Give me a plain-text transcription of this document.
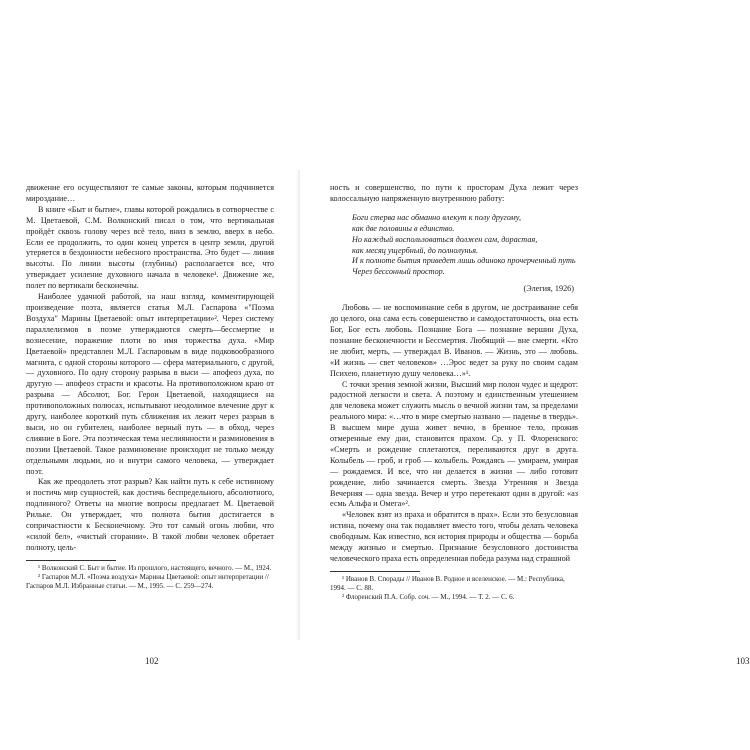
движение его осуществляют те самые законы, которым подчиняется мироздание…

В книге «Быт и бытие», главы которой рождались в сотворчестве с М. Цветаевой, С.М. Волконский писал о том, что вертикальная пройдёт сквозь голову через всё тело, вниз в землю, вверх в небо. Если ее продолжить, то один конец упрется в центр земли, другой утеряется в бездонности небесного пространства. Это будет — линия высоты. По линии высоты (глубины) располагается все, что утверждает усиление духовного начала в человеке¹. Движение же, полет по вертикали бесконечны.

Наиболее удачной работой, на наш взгляд, комментирующей произведение поэта, является статья М.Л. Гаспарова «"Поэма Воздуха" Марины Цветаевой: опыт интерпретации»². Через систему параллелизмов в поэме утверждаются смерть—бессмертие и вознесение, поражение плоти во имя торжества духа. «Мир Цветаевой» представлен М.Л. Гаспаровым в виде подковообразного магнита, с одной стороны которого — сфера материального, с другой, — духовного. По одну сторону разрыва в выси — апофеоз духа, по другую — апофеоз страсти и красоты. На противоположном краю от разрыва — Абсолют, Бог. Герои Цветаевой, находящиеся на противоположных полюсах, испытывают неодолимое влечение друг к другу, наиболее короткий путь сближения их лежит через разрыв в выси, но он губителен, наиболее верный путь — в обход, через слияние в Боге. Эта поэтическая тема неслиянности и разминовения в поэзии Цветаевой. Такое разминовение происходит не только между отдельными людьми, но и внутри самого человека, — утверждает поэт.

Как же преодолеть этот разрыв? Как найти путь к себе истинному и постичь мир сущностей, как достичь беспредельного, абсолютного, подлинного? Ответы на многие вопросы предлагает М. Цветаевой Рильке. Он утверждает, что полнота бытия достигается в сопричастности к Бесконечному. Это тот самый огонь любви, что «силой бел», «чистый сгорании». В такой любви человек обретает полноту, цель-

¹ Волконский С. Быт и бытие. Из прошлого, настоящего, вечного. — М., 1924.

² Гаспаров М.Л. «Поэма воздуха» Марины Цветаевой: опыт интерпретации // Гаспаров М.Л. Избранные статьи. — М., 1995. — С. 259—274.

102	103

ность и совершенство, по пути к просторам Духа лежит через колоссальную напряженную внутреннюю работу:

Боги стерва нас обманно влекут к полу другому,
как две половины в единство.
Но каждый воспользоваться должен сам, дорастая,
как месяц ущербный, до полнолунья.
И к полноте бытия приведет лишь одиноко прочерченный путь
Через бессонный простор.
(Элегия, 1926)

Любовь — не воспоминание себя в другом, не достраивание себя до целого, она сама есть совершенство и самодостаточность, она есть Бог, Бог есть любовь. Познание Бога — познание вершин Духа, познание бесконечности и Бессмертия. Любящий — вне смерти. «Кто не любит, мерть, — утверждал В. Иванов. — Жизнь, это — любовь. «И жизнь — свет человеков» …Эрос ведет за руку по своим садам Психею, планетную душу человека…»¹.

С точки зрения земной жизни, Высший мир полон чудес и щедрот: радостной легкости и света. А поэтому и единственным утешением для человека может служить мысль о вечной жизни там, за пределами реального мира: «…что в мире смертью названо — паденье в твердь». В высшем мире душа живет вечно, в бренное тело, прожив отмеренные ему дни, становится прахом. Ср. у П. Флоренского: «Смерть и рождение сплетаются, переливаются друг в друга. Колыбель — гроб, и гроб — колыбель. Рождаясь — умираем, умирая — рождаемся. И все, что ни делается в жизни — либо готовит рождение, либо зачинается смерть. Звезда Утренняя и Звезда Вечерняя — одна звезда. Вечер и утро перетекают один в другой: «аз есмь Альфа и Омега»².

«Человек взят из праха и обратится в прах». Если это безусловная истина, почему она так подавляет вместо того, чтобы делать человека свободным. Как известно, вся история природы и общества — борьба между жизнью и смертью. Признание безусловного достоинства человеческого праха есть определенная победа разума над страшной

¹ Иванов В. Спорады // Иванов В. Родное и вселенское. — М.: Республика, 1994. — С. 88.

² Флоренский П.А. Собр. соч. — М., 1994. — Т. 2. — С. 6.
